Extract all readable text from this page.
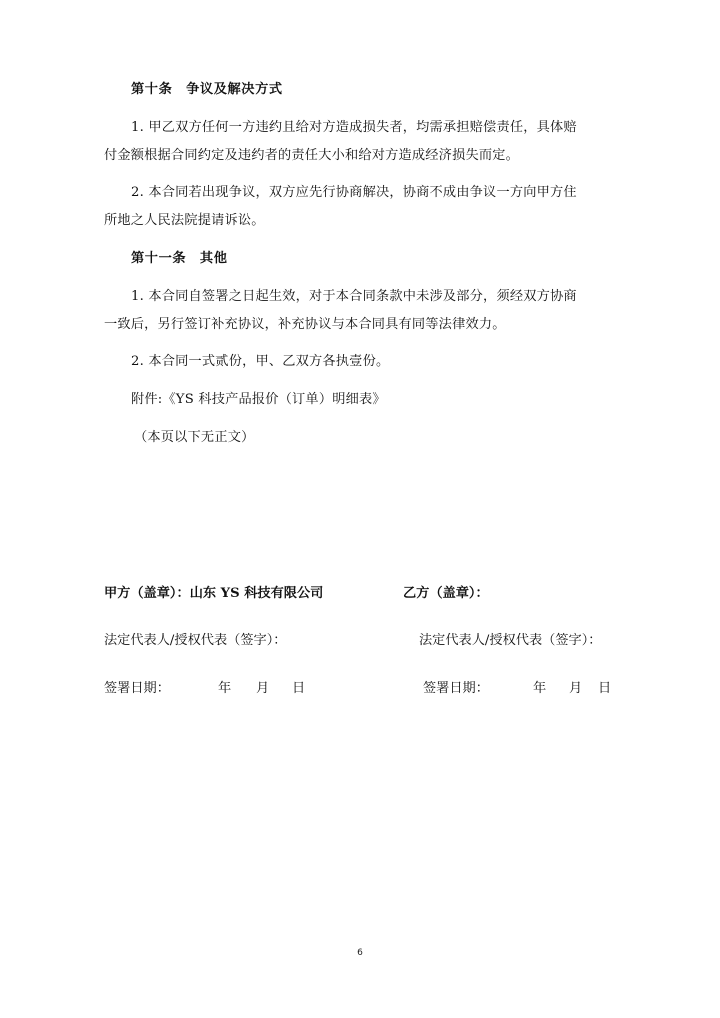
第十条　争议及解决方式
1. 甲乙双方任何一方违约且给对方造成损失者，均需承担赔偿责任，具体赔
付金额根据合同约定及违约者的责任大小和给对方造成经济损失而定。
2. 本合同若出现争议，双方应先行协商解决，协商不成由争议一方向甲方住
所地之人民法院提请诉讼。
第十一条　其他
1. 本合同自签署之日起生效，对于本合同条款中未涉及部分，须经双方协商
一致后，另行签订补充协议，补充协议与本合同具有同等法律效力。
2. 本合同一式贰份，甲、乙双方各执壹份。
附件:《YS 科技产品报价（订单）明细表》
（本页以下无正文）
甲方（盖章）：山东 YS 科技有限公司
法定代表人/授权代表（签字）：
签署日期：	年 月 日
乙方（盖章）：
法定代表人/授权代表（签字）：
签署日期：	年 月 日
6
